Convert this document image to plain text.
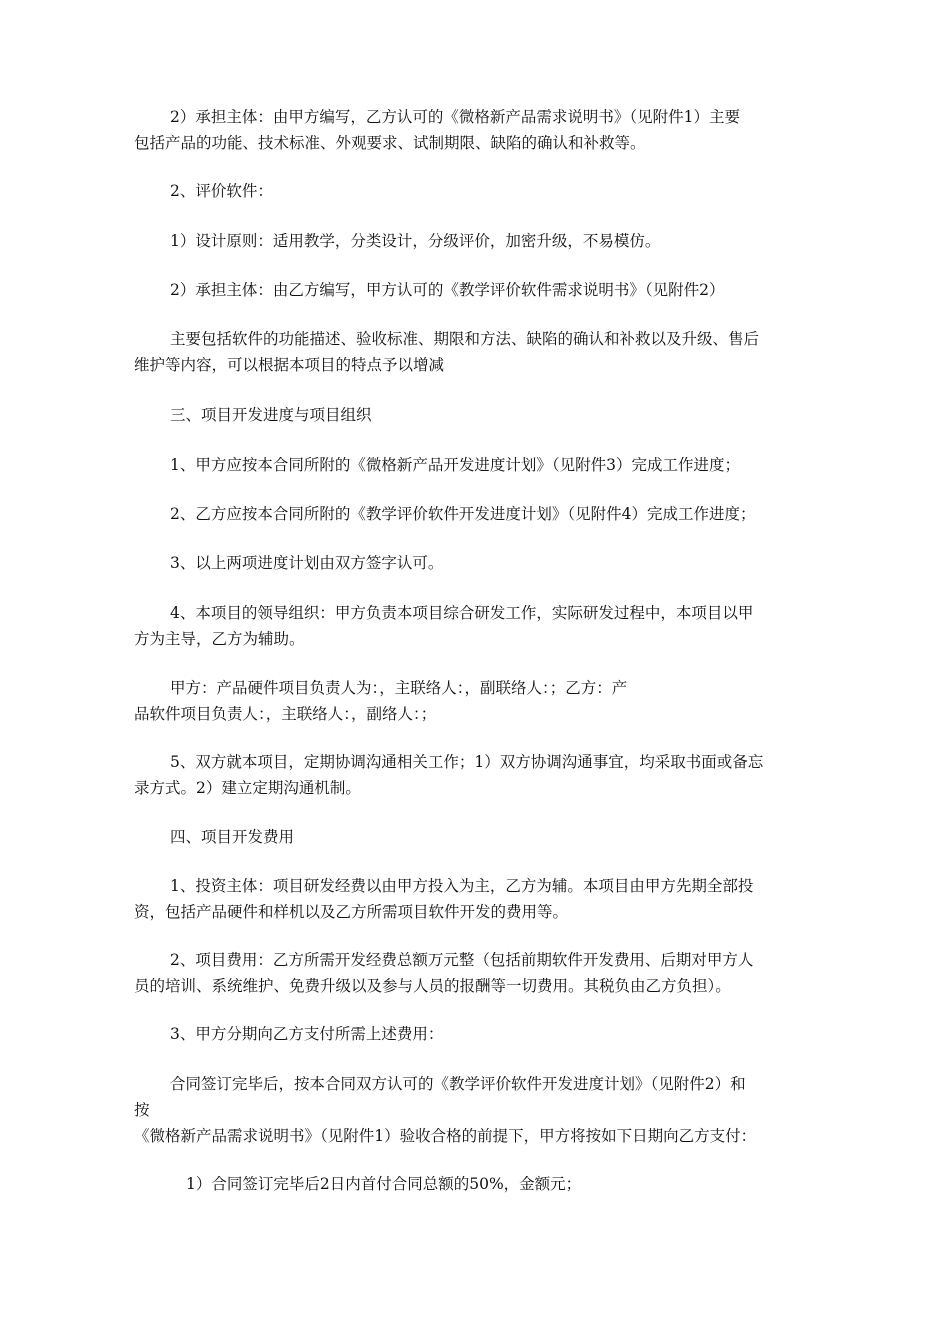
2）承担主体：由甲方编写，乙方认可的《微格新产品需求说明书》（见附件1）主要
包括产品的功能、技术标准、外观要求、试制期限、缺陷的确认和补救等。
2、评价软件：
1）设计原则：适用教学，分类设计，分级评价，加密升级，不易模仿。
2）承担主体：由乙方编写，甲方认可的《教学评价软件需求说明书》（见附件2）
主要包括软件的功能描述、验收标准、期限和方法、缺陷的确认和补救以及升级、售后
维护等内容，可以根据本项目的特点予以增减
三、项目开发进度与项目组织
1、甲方应按本合同所附的《微格新产品开发进度计划》（见附件3）完成工作进度；
2、乙方应按本合同所附的《教学评价软件开发进度计划》（见附件4）完成工作进度；
3、以上两项进度计划由双方签字认可。
4、本项目的领导组织：甲方负责本项目综合研发工作，实际研发过程中，本项目以甲
方为主导，乙方为辅助。
甲方：产品硬件项目负责人为：，主联络人：，副联络人：；乙方：产
品软件项目负责人：，主联络人：，副络人：；
5、双方就本项目，定期协调沟通相关工作；1）双方协调沟通事宜，均采取书面或备忘
录方式。2）建立定期沟通机制。
四、项目开发费用
1、投资主体：项目研发经费以由甲方投入为主，乙方为辅。本项目由甲方先期全部投
资，包括产品硬件和样机以及乙方所需项目软件开发的费用等。
2、项目费用：乙方所需开发经费总额万元整（包括前期软件开发费用、后期对甲方人
员的培训、系统维护、免费升级以及参与人员的报酬等一切费用。其税负由乙方负担）。
3、甲方分期向乙方支付所需上述费用：
合同签订完毕后，按本合同双方认可的《教学评价软件开发进度计划》（见附件2）和
按
《微格新产品需求说明书》（见附件1）验收合格的前提下，甲方将按如下日期向乙方支付：
1）合同签订完毕后2日内首付合同总额的50%，金额元；
